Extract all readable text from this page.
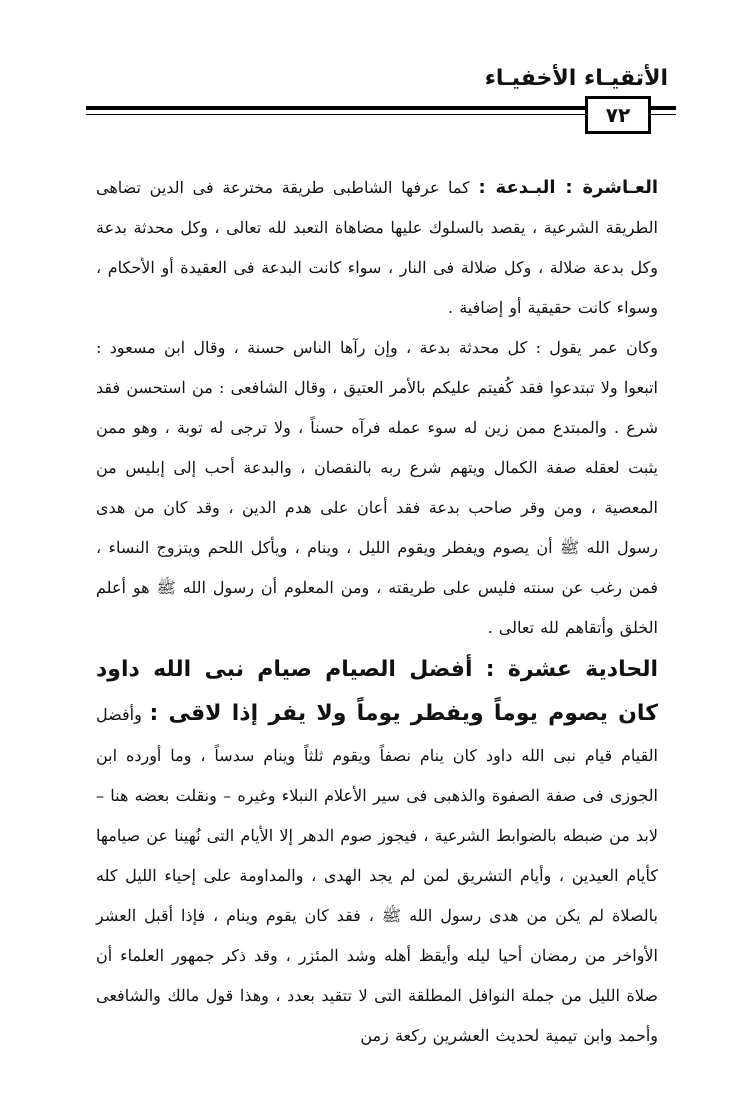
الأتقيـاء الأخفيـاء
٧٢

العـاشرة : البـدعة : كما عرفها الشاطبى طريقة مخترعة فى الدين تضاهى الطريقة الشرعية ، يقصد بالسلوك عليها مضاهاة التعبد لله تعالى ، وكل محدثة بدعة وكل بدعة ضلالة ، وكل ضلالة فى النار ، سواء كانت البدعة فى العقيدة أو الأحكام ، وسواء كانت حقيقية أو إضافية .

وكان عمر يقول : كل محدثة بدعة ، وإن رآها الناس حسنة ، وقال ابن مسعود : اتبعوا ولا تبتدعوا فقد كُفيتم عليكم بالأمر العتيق ، وقال الشافعى : من استحسن فقد شرع . والمبتدع ممن زين له سوء عمله فرآه حسناً ، ولا ترجى له توبة ، وهو ممن يثبت لعقله صفة الكمال ويتهم شرع ربه بالنقصان ، والبدعة أحب إلى إبليس من المعصية ، ومن وقر صاحب بدعة فقد أعان على هدم الدين ، وقد كان من هدى رسول الله ﷺ أن يصوم ويفطر ويقوم الليل ، وينام ، ويأكل اللحم ويتزوج النساء ، فمن رغب عن سنته فليس على طريقته ، ومن المعلوم أن رسول الله ﷺ هو أعلم الخلق وأتقاهم لله تعالى .

الحادية عشرة : أفضل الصيام صيام نبى الله داود كان يصوم يوماً ويفطر يوماً ولا يفر إذا لاقى : وأفضل القيام قيام نبى الله داود كان ينام نصفاً ويقوم ثلثاً وينام سدساً ، وما أورده ابن الجوزى فى صفة الصفوة والذهبى فى سير الأعلام النبلاء وغيره – ونقلت بعضه هنا – لابد من ضبطه بالضوابط الشرعية ، فيجوز صوم الدهر إلا الأيام التى نُهينا عن صيامها كأيام العيدين ، وأيام التشريق لمن لم يجد الهدى ، والمداومة على إحياء الليل كله بالصلاة لم يكن من هدى رسول الله ﷺ ، فقد كان يقوم وينام ، فإذا أقبل العشر الأواخر من رمضان أحيا ليله وأيقظ أهله وشد المئزر ، وقد ذكر جمهور العلماء أن صلاة الليل من جملة النوافل المطلقة التى لا تتقيد بعدد ، وهذا قول مالك والشافعى وأحمد وابن تيمية لحديث العشرين ركعة زمن
